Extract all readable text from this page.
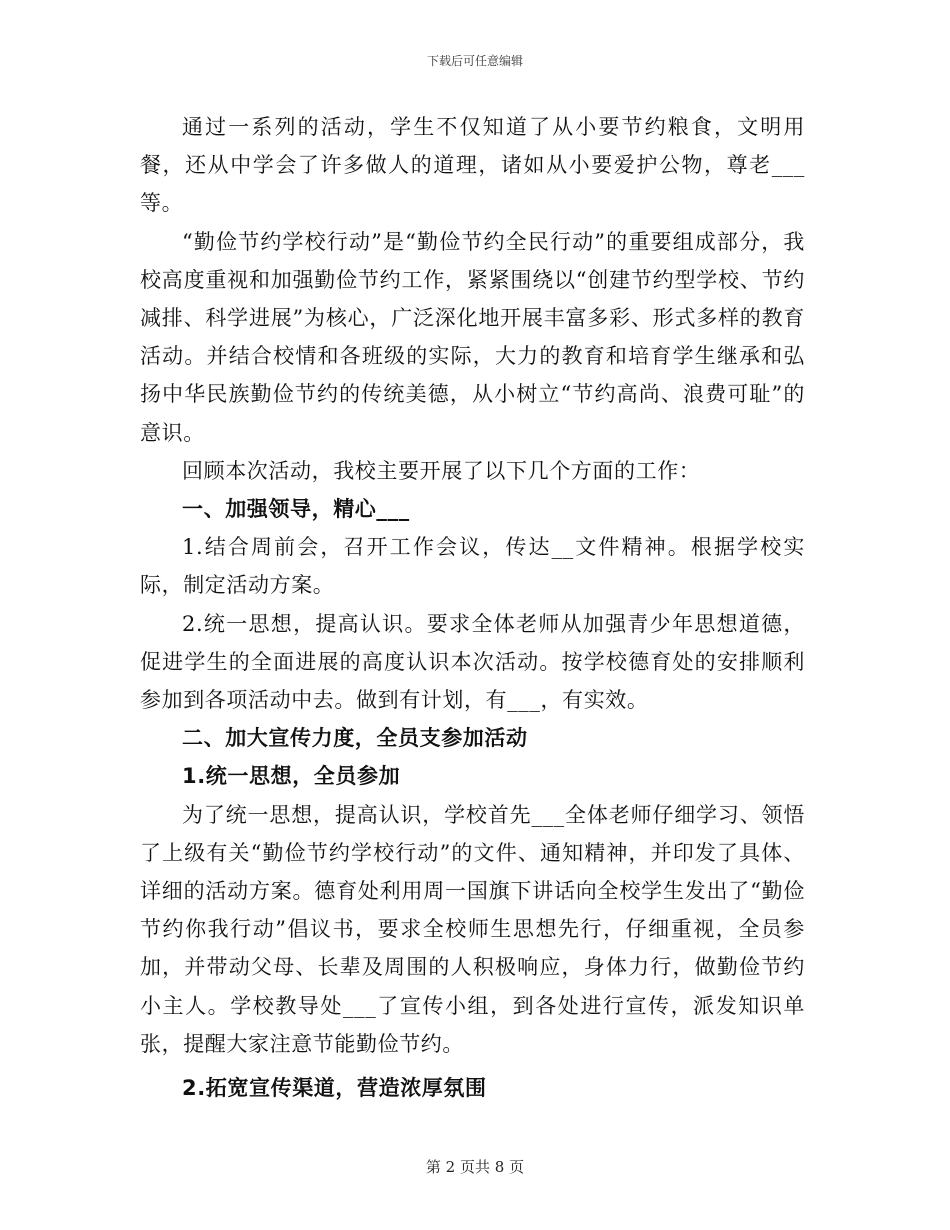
下载后可任意编辑

通过一系列的活动，学生不仅知道了从小要节约粮食，文明用餐，还从中学会了许多做人的道理，诸如从小要爱护公物，尊老___等。

“勤俭节约学校行动”是“勤俭节约全民行动”的重要组成部分，我校高度重视和加强勤俭节约工作，紧紧围绕以“创建节约型学校、节约减排、科学进展”为核心，广泛深化地开展丰富多彩、形式多样的教育活动。并结合校情和各班级的实际，大力的教育和培育学生继承和弘扬中华民族勤俭节约的传统美德，从小树立“节约高尚、浪费可耻”的意识。

回顾本次活动，我校主要开展了以下几个方面的工作：

一、加强领导，精心___

1.结合周前会，召开工作会议，传达__文件精神。根据学校实际，制定活动方案。

2.统一思想，提高认识。要求全体老师从加强青少年思想道德，促进学生的全面进展的高度认识本次活动。按学校德育处的安排顺利参加到各项活动中去。做到有计划，有___，有实效。

二、加大宣传力度，全员支参加活动

1.统一思想，全员参加

为了统一思想，提高认识，学校首先___全体老师仔细学习、领悟了上级有关“勤俭节约学校行动”的文件、通知精神，并印发了具体、详细的活动方案。德育处利用周一国旗下讲话向全校学生发出了“勤俭节约你我行动”倡议书，要求全校师生思想先行，仔细重视，全员参加，并带动父母、长辈及周围的人积极响应，身体力行，做勤俭节约小主人。学校教导处___了宣传小组，到各处进行宣传，派发知识单张，提醒大家注意节能勤俭节约。

2.拓宽宣传渠道，营造浓厚氛围

第 2 页共 8 页
